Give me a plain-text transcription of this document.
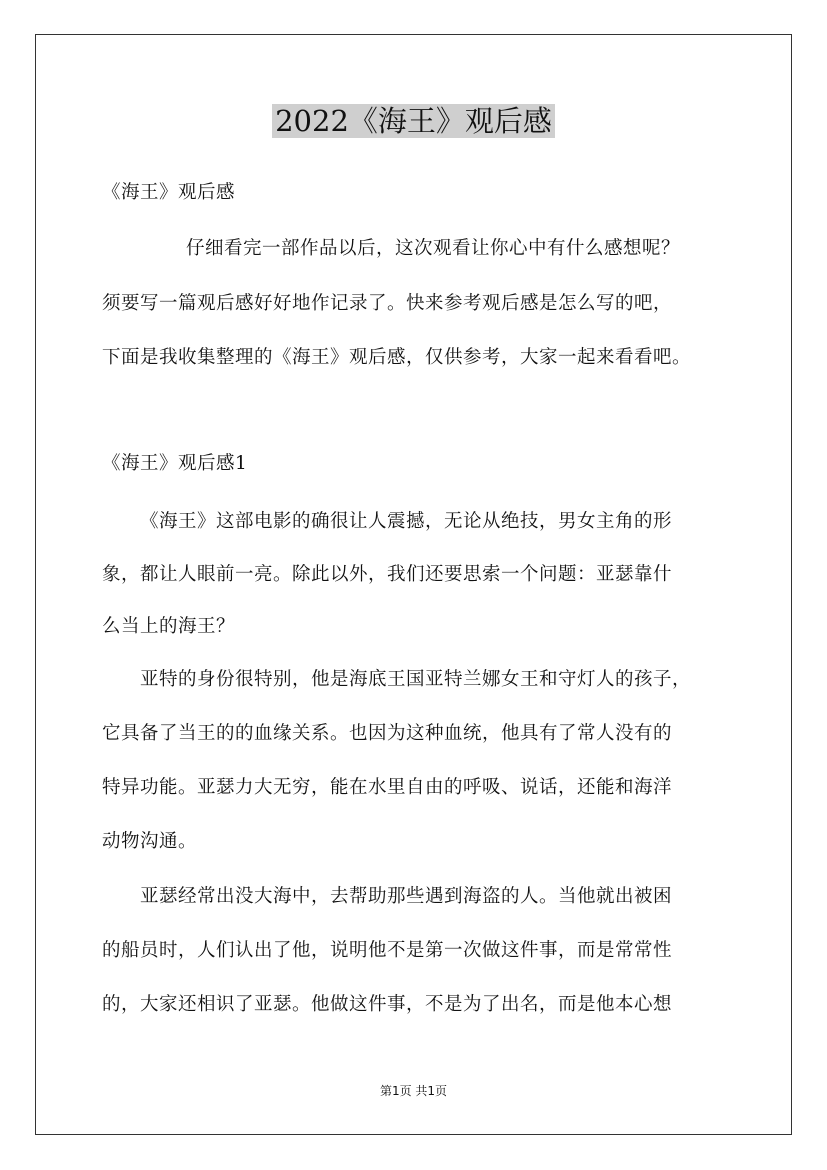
2022《海王》观后感
《海王》观后感
仔细看完一部作品以后，这次观看让你心中有什么感想呢？
须要写一篇观后感好好地作记录了。快来参考观后感是怎么写的吧，
下面是我收集整理的《海王》观后感，仅供参考，大家一起来看看吧。
《海王》观后感1
《海王》这部电影的确很让人震撼，无论从绝技，男女主角的形
象，都让人眼前一亮。除此以外，我们还要思索一个问题：亚瑟靠什
么当上的海王？
亚特的身份很特别，他是海底王国亚特兰娜女王和守灯人的孩子，
它具备了当王的的血缘关系。也因为这种血统，他具有了常人没有的
特异功能。亚瑟力大无穷，能在水里自由的呼吸、说话，还能和海洋
动物沟通。
亚瑟经常出没大海中，去帮助那些遇到海盗的人。当他就出被困
的船员时，人们认出了他，说明他不是第一次做这件事，而是常常性
的，大家还相识了亚瑟。他做这件事，不是为了出名，而是他本心想
第1页 共1页
